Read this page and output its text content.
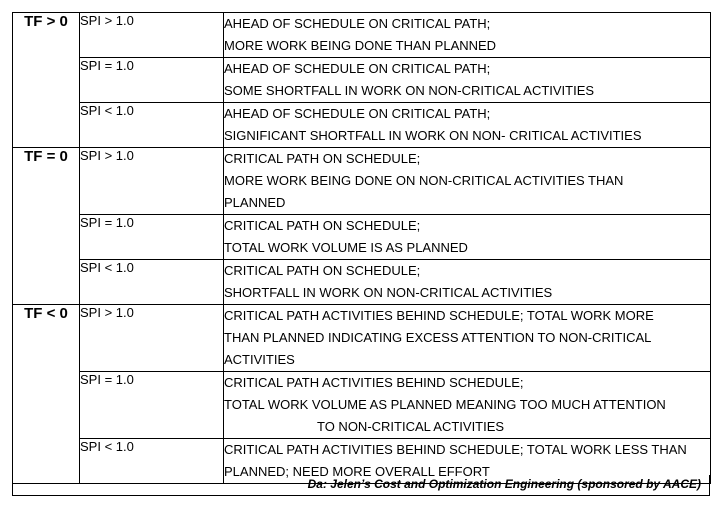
TF > 0	SPI > 1.0	AHEAD OF SCHEDULE ON CRITICAL PATH;
MORE WORK BEING DONE THAN PLANNED

	SPI = 1.0	AHEAD OF SCHEDULE ON CRITICAL PATH;
SOME SHORTFALL IN WORK ON NON-CRITICAL ACTIVITIES

	SPI < 1.0	AHEAD OF SCHEDULE ON CRITICAL PATH;
SIGNIFICANT SHORTFALL IN WORK ON NON- CRITICAL ACTIVITIES

TF = 0	SPI > 1.0	CRITICAL PATH ON SCHEDULE;
MORE WORK BEING DONE ON NON-CRITICAL ACTIVITIES THAN
PLANNED

	SPI = 1.0	CRITICAL PATH ON SCHEDULE;
TOTAL WORK VOLUME IS AS PLANNED

	SPI < 1.0	CRITICAL PATH ON SCHEDULE;
SHORTFALL IN WORK ON NON-CRITICAL ACTIVITIES

TF < 0	SPI > 1.0	CRITICAL PATH ACTIVITIES BEHIND SCHEDULE; TOTAL WORK MORE
THAN PLANNED INDICATING EXCESS ATTENTION TO NON-CRITICAL
ACTIVITIES

	SPI = 1.0	CRITICAL PATH ACTIVITIES BEHIND SCHEDULE;
TOTAL WORK VOLUME AS PLANNED MEANING TOO MUCH ATTENTION
TO NON-CRITICAL ACTIVITIES

	SPI < 1.0	CRITICAL PATH ACTIVITIES BEHIND SCHEDULE; TOTAL WORK LESS THAN
PLANNED; NEED MORE OVERALL EFFORT
Da: Jelen’s Cost and Optimization Engineering (sponsored by AACE)
